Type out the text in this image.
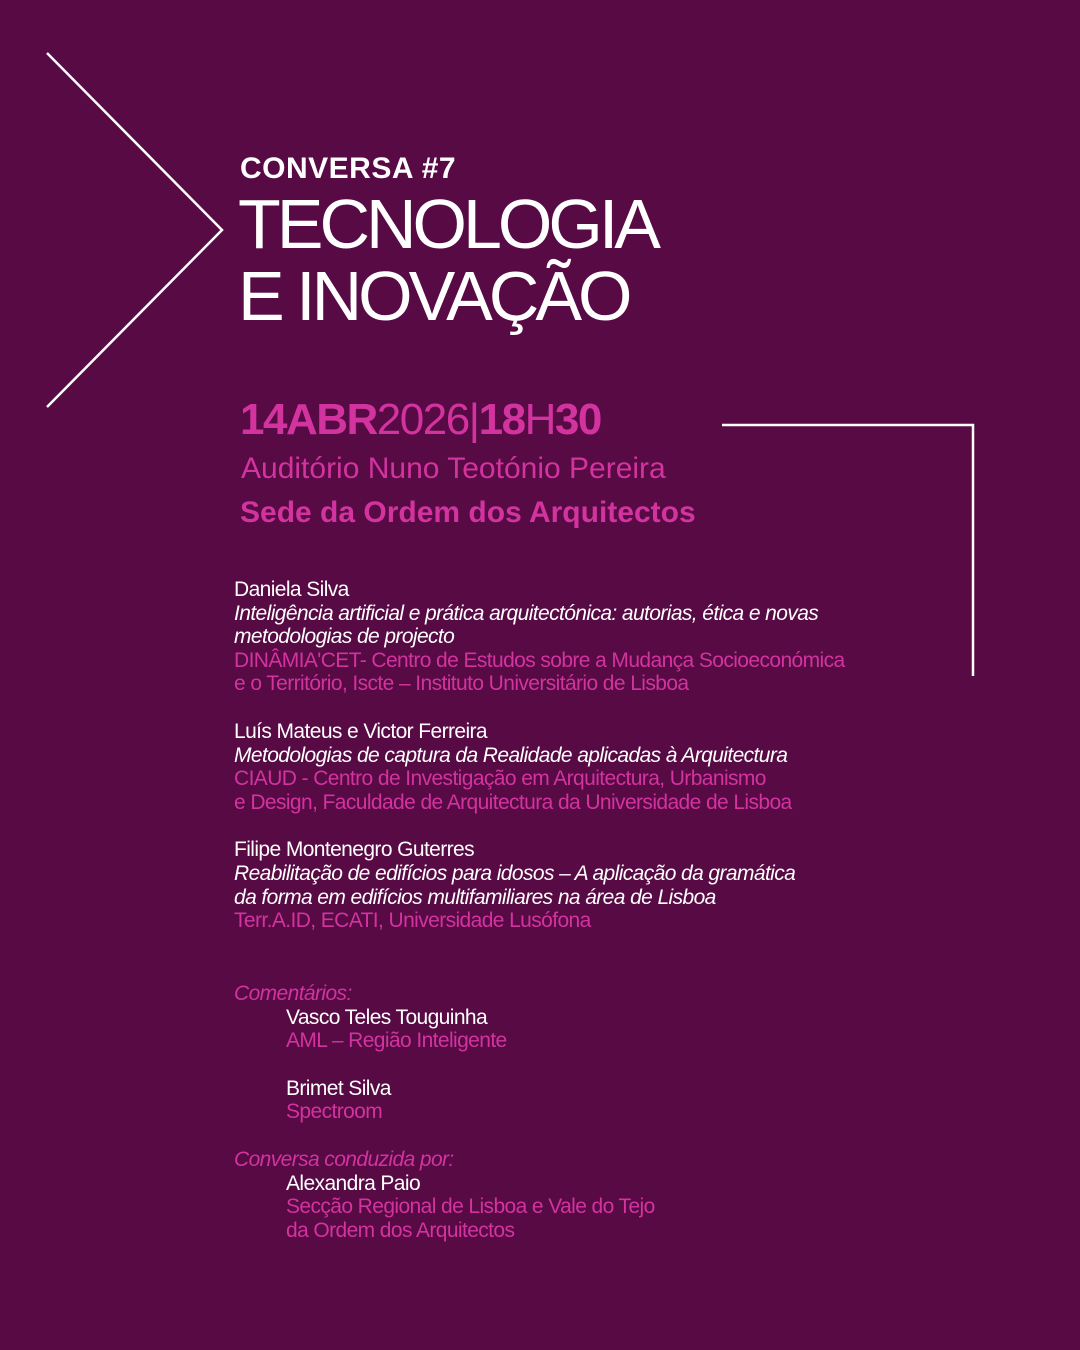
CONVERSA #7
TECNOLOGIA
E INOVAÇÃO
14ABR2026|18H30
Auditório Nuno Teotónio Pereira
Sede da Ordem dos Arquitectos
Daniela Silva
Inteligência artificial e prática arquitectónica: autorias, ética e novas
metodologias de projecto
DINÂMIA'CET- Centro de Estudos sobre a Mudança Socioeconómica
e o Território, Iscte – Instituto Universitário de Lisboa
Luís Mateus e Victor Ferreira
Metodologias de captura da Realidade aplicadas à Arquitectura
CIAUD - Centro de Investigação em Arquitectura, Urbanismo
e Design, Faculdade de Arquitectura da Universidade de Lisboa
Filipe Montenegro Guterres
Reabilitação de edifícios para idosos – A aplicação da gramática
da forma em edifícios multifamiliares na área de Lisboa
Terr.A.ID, ECATI, Universidade Lusófona
Comentários:
Vasco Teles Touguinha
AML – Região Inteligente
Brimet Silva
Spectroom
Conversa conduzida por:
Alexandra Paio
Secção Regional de Lisboa e Vale do Tejo
da Ordem dos Arquitectos
